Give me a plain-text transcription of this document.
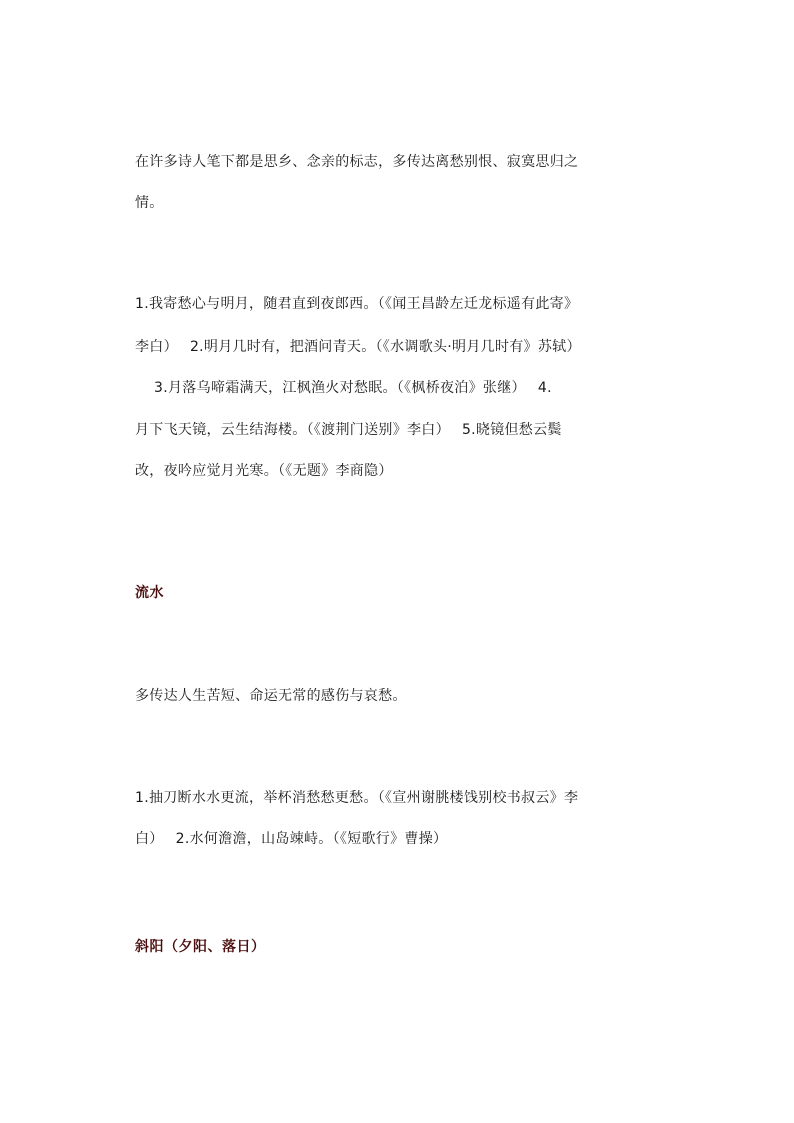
在许多诗人笔下都是思乡、念亲的标志，多传达离愁别恨、寂寞思归之
情。
1.我寄愁心与明月，随君直到夜郎西。（《闻王昌龄左迁龙标遥有此寄》
李白）　 2.明月几时有，把酒问青天。（《水调歌头·明月几时有》苏轼）
　 3.月落乌啼霜满天，江枫渔火对愁眠。（《枫桥夜泊》张继）　 4.
月下飞天镜，云生结海楼。（《渡荆门送别》李白）　 5.晓镜但愁云鬓
改，夜吟应觉月光寒。（《无题》李商隐）
流水
多传达人生苦短、命运无常的感伤与哀愁。
1.抽刀断水水更流，举杯消愁愁更愁。（《宣州谢朓楼饯别校书叔云》李
白）　 2.水何澹澹，山岛竦峙。（《短歌行》曹操）
斜阳（夕阳、落日）
